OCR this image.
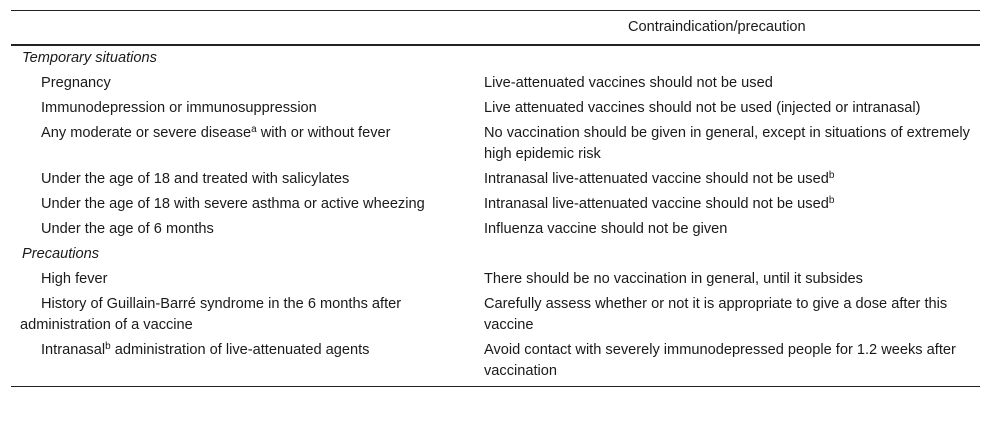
	Contraindication/precaution
Temporary situations	
Pregnancy	Live-attenuated vaccines should not be used
Immunodepression or immunosuppression	Live attenuated vaccines should not be used (injected or intranasal)
Any moderate or severe disease$^a$ with or without fever	No vaccination should be given in general, except in situations of extremely high epidemic risk
Under the age of 18 and treated with salicylates	Intranasal live-attenuated vaccine should not be used$^b$
Under the age of 18 with severe asthma or active wheezing	Intranasal live-attenuated vaccine should not be used$^b$
Under the age of 6 months	Influenza vaccine should not be given
Precautions	
High fever	There should be no vaccination in general, until it subsides
History of Guillain-Barré syndrome in the 6 months after administration of a vaccine	Carefully assess whether or not it is appropriate to give a dose after this vaccine
Intranasal$^b$ administration of live-attenuated agents	Avoid contact with severely immunodepressed people for 1.2 weeks after vaccination
